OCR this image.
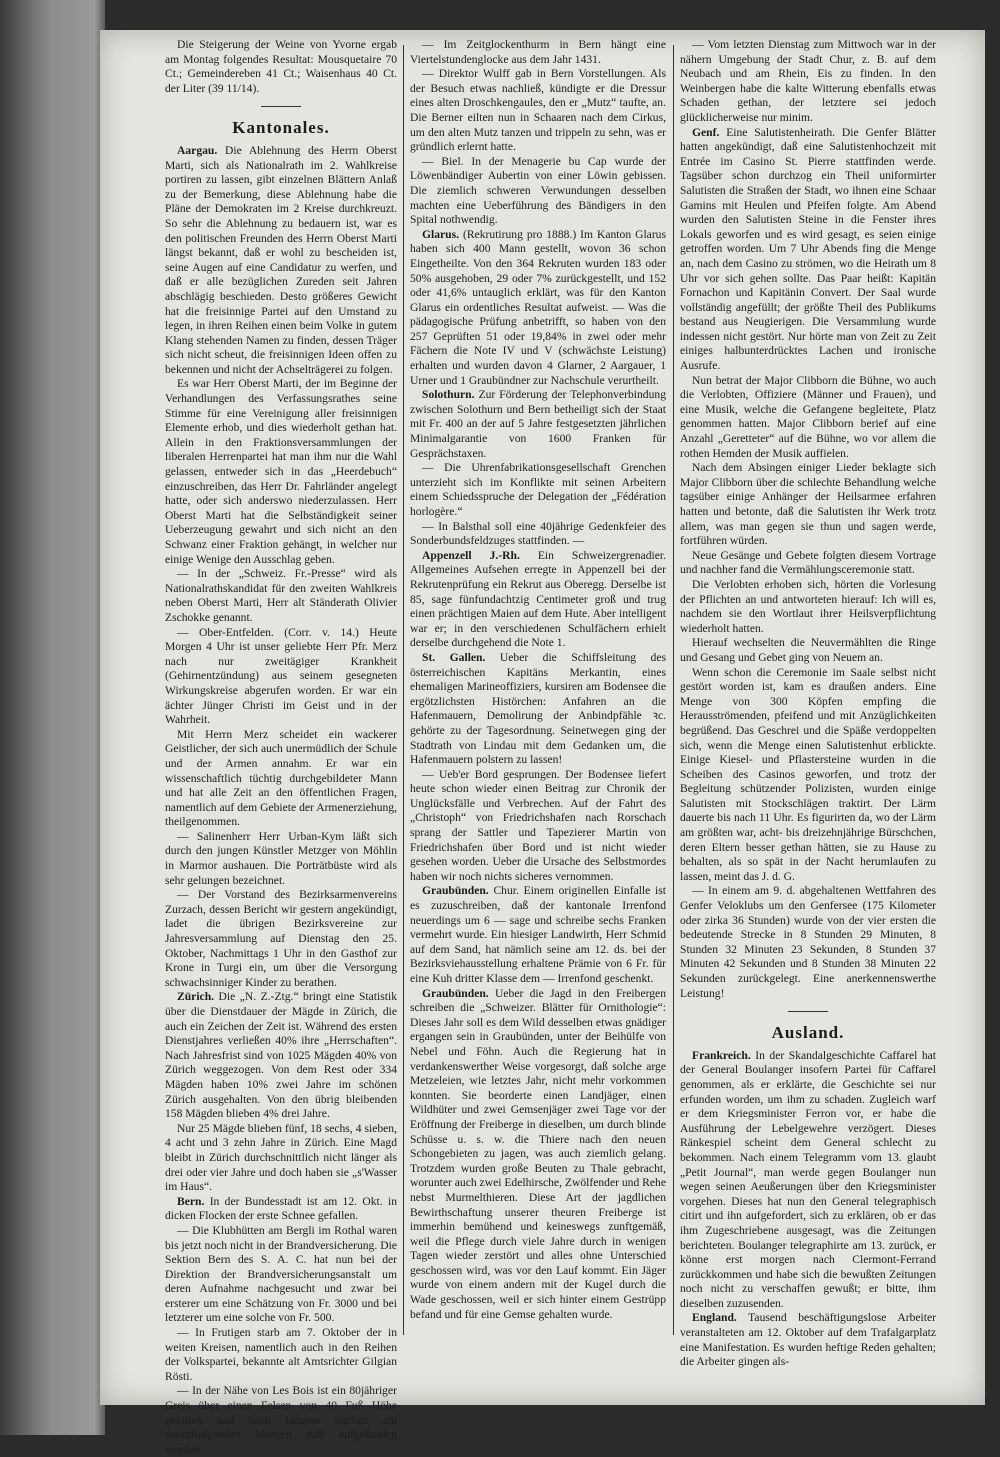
Die Steigerung der Weine von Yvorne ergab am Montag folgendes Resultat: Mousquetaire 70 Ct.; Gemeindereben 41 Ct.; Waisenhaus 40 Ct. der Liter (39 11/14).

Kantonales.

Aargau. Die Ablehnung des Herrn Oberst Marti, sich als Nationalrath im 2. Wahlkreise portiren zu lassen, gibt einzelnen Blättern Anlaß zu der Bemerkung, diese Ablehnung habe die Pläne der Demokraten im 2 Kreise durchkreuzt. So sehr die Ablehnung zu bedauern ist, war es den politischen Freunden des Herrn Oberst Marti längst bekannt, daß er wohl zu bescheiden ist, seine Augen auf eine Candidatur zu werfen, und daß er alle bezüglichen Zureden seit Jahren abschlägig beschieden. Desto größeres Gewicht hat die freisinnige Partei auf den Umstand zu legen, in ihren Reihen einen beim Volke in gutem Klang stehenden Namen zu finden, dessen Träger sich nicht scheut, die freisinnigen Ideen offen zu bekennen und nicht der Achselträgerei zu folgen.

Es war Herr Oberst Marti, der im Beginne der Verhandlungen des Verfassungsrathes seine Stimme für eine Vereinigung aller freisinnigen Elemente erhob, und dies wiederholt gethan hat. Allein in den Fraktionsversammlungen der liberalen Herrenpartei hat man ihm nur die Wahl gelassen, entweder sich in das „Heerdebuch“ einzuschreiben, das Herr Dr. Fahrländer angelegt hatte, oder sich anderswo niederzulassen. Herr Oberst Marti hat die Selbständigkeit seiner Ueberzeugung gewahrt und sich nicht an den Schwanz einer Fraktion gehängt, in welcher nur einige Wenige den Ausschlag geben.

— In der „Schweiz. Fr.-Presse“ wird als Nationalrathskandidat für den zweiten Wahlkreis neben Oberst Marti, Herr alt Ständerath Olivier Zschokke genannt.

— Ober-Entfelden. (Corr. v. 14.) Heute Morgen 4 Uhr ist unser geliebte Herr Pfr. Merz nach nur zweitägiger Krankheit (Gehirnentzündung) aus seinem gesegneten Wirkungskreise abgerufen worden. Er war ein ächter Jünger Christi im Geist und in der Wahrheit.

Mit Herrn Merz scheidet ein wackerer Geistlicher, der sich auch unermüdlich der Schule und der Armen annahm. Er war ein wissenschaftlich tüchtig durchgebildeter Mann und hat alle Zeit an den öffentlichen Fragen, namentlich auf dem Gebiete der Armenerziehung, theilgenommen.

— Salinenherr Herr Urban-Kym läßt sich durch den jungen Künstler Metzger von Möhlin in Marmor aushauen. Die Porträtbüste wird als sehr gelungen bezeichnet.

— Der Vorstand des Bezirksarmenvereins Zurzach, dessen Bericht wir gestern angekündigt, ladet die übrigen Bezirksvereine zur Jahresversammlung auf Dienstag den 25. Oktober, Nachmittags 1 Uhr in den Gasthof zur Krone in Turgi ein, um über die Versorgung schwachsinniger Kinder zu berathen.

Zürich. Die „N. Z.-Ztg.“ bringt eine Statistik über die Dienstdauer der Mägde in Zürich, die auch ein Zeichen der Zeit ist. Während des ersten Dienstjahres verließen 40% ihre „Herrschaften“. Nach Jahresfrist sind von 1025 Mägden 40% von Zürich weggezogen. Von dem Rest oder 334 Mägden haben 10% zwei Jahre im schönen Zürich ausgehalten. Von den übrig bleibenden 158 Mägden blieben 4% drei Jahre.

Nur 25 Mägde blieben fünf, 18 sechs, 4 sieben, 4 acht und 3 zehn Jahre in Zürich. Eine Magd bleibt in Zürich durchschnittlich nicht länger als drei oder vier Jahre und doch haben sie „s'Wasser im Haus“.

Bern. In der Bundesstadt ist am 12. Okt. in dicken Flocken der erste Schnee gefallen.

— Die Klubhütten am Bergli im Rothal waren bis jetzt noch nicht in der Brandversicherung. Die Sektion Bern des S. A. C. hat nun bei der Direktion der Brandversicherungsanstalt um deren Aufnahme nachgesucht und zwar bei ersterer um eine Schätzung von Fr. 3000 und bei letzterer um eine solche von Fr. 500.

— In Frutigen starb am 7. Oktober der in weiten Kreisen, namentlich auch in den Reihen der Volkspartei, bekannte alt Amtsrichter Gilgian Rösti.

— In der Nähe von Les Bois ist ein 80jähriger Greis über einen Felsen von 40 Fuß Höhe gefallen und nach langem Suchen am darauffolgenden Morgen todt aufgefunden worden.

— Im Zeitglockenthurm in Bern hängt eine Viertelstundenglocke aus dem Jahr 1431.

— Direktor Wulff gab in Bern Vorstellungen. Als der Besuch etwas nachließ, kündigte er die Dressur eines alten Droschkengaules, den er „Mutz“ taufte, an. Die Berner eilten nun in Schaaren nach dem Cirkus, um den alten Mutz tanzen und trippeln zu sehn, was er gründlich erlernt hatte.

— Biel. In der Menagerie bu Cap wurde der Löwenbändiger Aubertin von einer Löwin gebissen. Die ziemlich schweren Verwundungen desselben machten eine Ueberführung des Bändigers in den Spital nothwendig.

Glarus. (Rekrutirung pro 1888.) Im Kanton Glarus haben sich 400 Mann gestellt, wovon 36 schon Eingetheilte. Von den 364 Rekruten wurden 183 oder 50% ausgehoben, 29 oder 7% zurückgestellt, und 152 oder 41,6% untauglich erklärt, was für den Kanton Glarus ein ordentliches Resultat aufweist. — Was die pädagogische Prüfung anbetrifft, so haben von den 257 Geprüften 51 oder 19,84% in zwei oder mehr Fächern die Note IV und V (schwächste Leistung) erhalten und wurden davon 4 Glarner, 2 Aargauer, 1 Urner und 1 Graubündner zur Nachschule verurtheilt.

Solothurn. Zur Förderung der Telephonverbindung zwischen Solothurn und Bern betheiligt sich der Staat mit Fr. 400 an der auf 5 Jahre festgesetzten jährlichen Minimalgarantie von 1600 Franken für Gesprächstaxen.

— Die Uhrenfabrikationsgesellschaft Grenchen unterzieht sich im Konflikte mit seinen Arbeitern einem Schiedsspruche der Delegation der „Fédération horlogère.“

— In Balsthal soll eine 40jährige Gedenkfeier des Sonderbundsfeldzuges stattfinden. —

Appenzell J.-Rh. Ein Schweizergrenadier. Allgemeines Aufsehen erregte in Appenzell bei der Rekrutenprüfung ein Rekrut aus Oberegg. Derselbe ist 85, sage fünfundachtzig Centimeter groß und trug einen prächtigen Maien auf dem Hute. Aber intelligent war er; in den verschiedenen Schulfächern erhielt derselbe durchgehend die Note 1.

St. Gallen. Ueber die Schiffsleitung des österreichischen Kapitäns Merkantin, eines ehemaligen Marineoffiziers, kursiren am Bodensee die ergötzlichsten Histörchen: Anfahren an die Hafenmauern, Demolirung der Anbindpfähle ꝛc. gehörte zu der Tagesordnung. Seinetwegen ging der Stadtrath von Lindau mit dem Gedanken um, die Hafenmauern polstern zu lassen!

— Ueb'er Bord gesprungen. Der Bodensee liefert heute schon wieder einen Beitrag zur Chronik der Unglücksfälle und Verbrechen. Auf der Fahrt des „Christoph“ von Friedrichshafen nach Rorschach sprang der Sattler und Tapezierer Martin von Friedrichshafen über Bord und ist nicht wieder gesehen worden. Ueber die Ursache des Selbstmordes haben wir noch nichts sicheres vernommen.

Graubünden. Chur. Einem originellen Einfalle ist es zuzuschreiben, daß der kantonale Irrenfond neuerdings um 6 — sage und schreibe sechs Franken vermehrt wurde. Ein hiesiger Landwirth, Herr Schmid auf dem Sand, hat nämlich seine am 12. ds. bei der Bezirksviehausstellung erhaltene Prämie von 6 Fr. für eine Kuh dritter Klasse dem — Irrenfond geschenkt.

Graubünden. Ueber die Jagd in den Freibergen schreiben die „Schweizer. Blätter für Ornithologie“: Dieses Jahr soll es dem Wild desselben etwas gnädiger ergangen sein in Graubünden, unter der Beihülfe von Nebel und Föhn. Auch die Regierung hat in verdankenswerther Weise vorgesorgt, daß solche arge Metzeleien, wie letztes Jahr, nicht mehr vorkommen konnten. Sie beorderte einen Landjäger, einen Wildhüter und zwei Gemsenjäger zwei Tage vor der Eröffnung der Freiberge in dieselben, um durch blinde Schüsse u. s. w. die Thiere nach den neuen Schongebieten zu jagen, was auch ziemlich gelang. Trotzdem wurden große Beuten zu Thale gebracht, worunter auch zwei Edelhirsche, Zwölfender und Rehe nebst Murmelthieren. Diese Art der jagdlichen Bewirthschaftung unserer theuren Freiberge ist immerhin bemühend und keineswegs zunftgemäß, weil die Pflege durch viele Jahre durch in wenigen Tagen wieder zerstört und alles ohne Unterschied geschossen wird, was vor den Lauf kommt. Ein Jäger wurde von einem andern mit der Kugel durch die Wade geschossen, weil er sich hinter einem Gestrüpp befand und für eine Gemse gehalten wurde.

— Vom letzten Dienstag zum Mittwoch war in der nähern Umgebung der Stadt Chur, z. B. auf dem Neubach und am Rhein, Eis zu finden. In den Weinbergen habe die kalte Witterung ebenfalls etwas Schaden gethan, der letztere sei jedoch glücklicherweise nur minim.

Genf. Eine Salutistenheirath. Die Genfer Blätter hatten angekündigt, daß eine Salutistenhochzeit mit Entrée im Casino St. Pierre stattfinden werde. Tagsüber schon durchzog ein Theil uniformirter Salutisten die Straßen der Stadt, wo ihnen eine Schaar Gamins mit Heulen und Pfeifen folgte. Am Abend wurden den Salutisten Steine in die Fenster ihres Lokals geworfen und es wird gesagt, es seien einige getroffen worden. Um 7 Uhr Abends fing die Menge an, nach dem Casino zu strömen, wo die Heirath um 8 Uhr vor sich gehen sollte. Das Paar heißt: Kapitän Fornachon und Kapitänin Convert. Der Saal wurde vollständig angefüllt; der größte Theil des Publikums bestand aus Neugierigen. Die Versammlung wurde indessen nicht gestört. Nur hörte man von Zeit zu Zeit einiges halbunterdrücktes Lachen und ironische Ausrufe.

Nun betrat der Major Clibborn die Bühne, wo auch die Verlobten, Offiziere (Männer und Frauen), und eine Musik, welche die Gefangene begleitete, Platz genommen hatten. Major Clibborn berief auf eine Anzahl „Geretteter“ auf die Bühne, wo vor allem die rothen Hemden der Musik auffielen.

Nach dem Absingen einiger Lieder beklagte sich Major Clibborn über die schlechte Behandlung welche tagsüber einige Anhänger der Heilsarmee erfahren hatten und betonte, daß die Salutisten ihr Werk trotz allem, was man gegen sie thun und sagen werde, fortführen würden.

Neue Gesänge und Gebete folgten diesem Vortrage und nachher fand die Vermählungsceremonie statt.

Die Verlobten erhoben sich, hörten die Vorlesung der Pflichten an und antworteten hierauf: Ich will es, nachdem sie den Wortlaut ihrer Heilsverpflichtung wiederholt hatten.

Hierauf wechselten die Neuvermählten die Ringe und Gesang und Gebet ging von Neuem an.

Wenn schon die Ceremonie im Saale selbst nicht gestört worden ist, kam es draußen anders. Eine Menge von 300 Köpfen empfing die Herausströmenden, pfeifend und mit Anzüglichkeiten begrüßend. Das Geschrei und die Späße verdoppelten sich, wenn die Menge einen Salutistenhut erblickte. Einige Kiesel- und Pflastersteine wurden in die Scheiben des Casinos geworfen, und trotz der Begleitung schützender Polizisten, wurden einige Salutisten mit Stockschlägen traktirt. Der Lärm dauerte bis nach 11 Uhr. Es figurirten da, wo der Lärm am größten war, acht- bis dreizehnjährige Bürschchen, deren Eltern besser gethan hätten, sie zu Hause zu behalten, als so spät in der Nacht herumlaufen zu lassen, meint das J. d. G.

— In einem am 9. d. abgehaltenen Wettfahren des Genfer Veloklubs um den Genfersee (175 Kilometer oder zirka 36 Stunden) wurde von der vier ersten die bedeutende Strecke in 8 Stunden 29 Minuten, 8 Stunden 32 Minuten 23 Sekunden, 8 Stunden 37 Minuten 42 Sekunden und 8 Stunden 38 Minuten 22 Sekunden zurückgelegt. Eine anerkennenswerthe Leistung!

Ausland.

Frankreich. In der Skandalgeschichte Caffarel hat der General Boulanger insofern Partei für Caffarel genommen, als er erklärte, die Geschichte sei nur erfunden worden, um ihm zu schaden. Zugleich warf er dem Kriegsminister Ferron vor, er habe die Ausführung der Lebelgewehre verzögert. Dieses Ränkespiel scheint dem General schlecht zu bekommen. Nach einem Telegramm vom 13. glaubt „Petit Journal“, man werde gegen Boulanger nun wegen seinen Aeußerungen über den Kriegsminister vorgehen. Dieses hat nun den General telegraphisch citirt und ihn aufgefordert, sich zu erklären, ob er das ihm Zugeschriebene ausgesagt, was die Zeitungen berichteten. Boulanger telegraphirte am 13. zurück, er könne erst morgen nach Clermont-Ferrand zurückkommen und habe sich die bewußten Zeitungen noch nicht zu verschaffen gewußt; er bitte, ihm dieselben zuzusenden.

England. Tausend beschäftigungslose Arbeiter veranstalteten am 12. Oktober auf dem Trafalgarplatz eine Manifestation. Es wurden heftige Reden gehalten; die Arbeiter gingen als-
